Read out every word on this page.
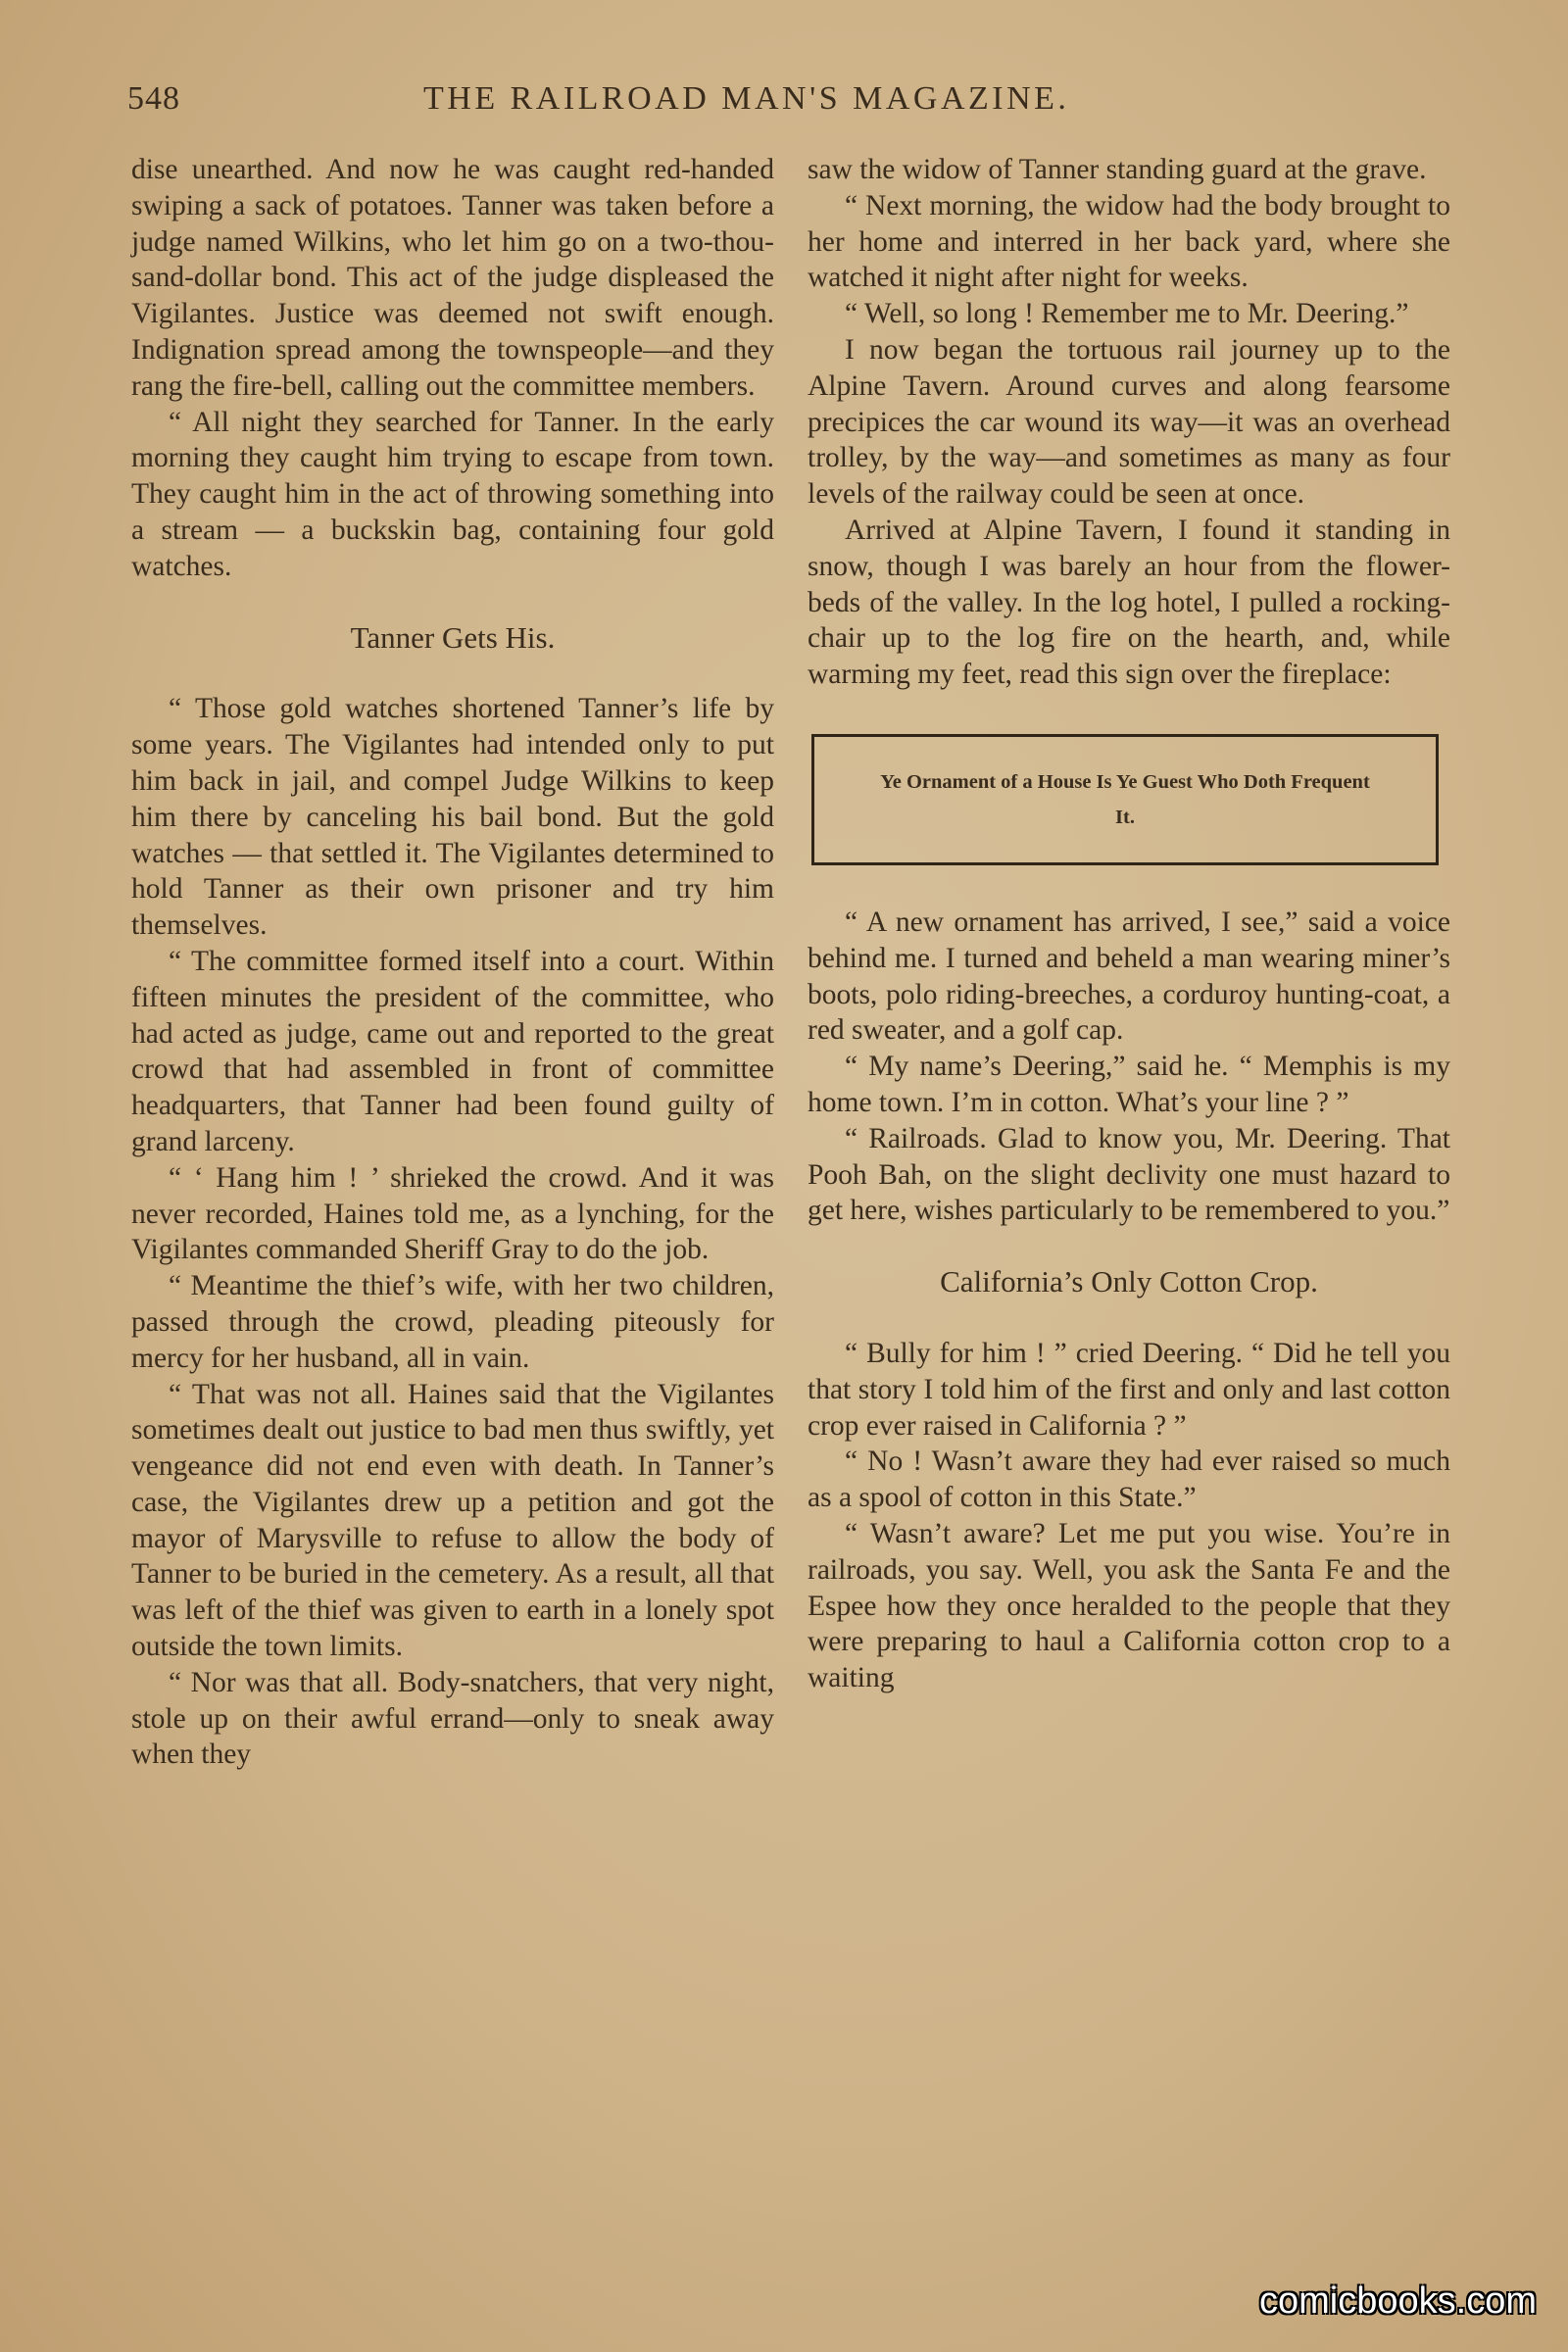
548	THE RAILROAD MAN'S MAGAZINE.

dise unearthed. And now he was caught red-handed swiping a sack of potatoes. Tanner was taken before a judge named Wilkins, who let him go on a two-thousand-dollar bond. This act of the judge displeased the Vigilantes. Justice was deemed not swift enough. Indignation spread among the townspeople—and they rang the fire-bell, calling out the committee members.

“ All night they searched for Tanner. In the early morning they caught him trying to escape from town. They caught him in the act of throwing something into a stream — a buckskin bag, containing four gold watches.

Tanner Gets His.

“ Those gold watches shortened Tanner’s life by some years. The Vigilantes had intended only to put him back in jail, and compel Judge Wilkins to keep him there by canceling his bail bond. But the gold watches — that settled it. The Vigilantes determined to hold Tanner as their own prisoner and try him themselves.

“ The committee formed itself into a court. Within fifteen minutes the president of the committee, who had acted as judge, came out and reported to the great crowd that had assembled in front of committee headquarters, that Tanner had been found guilty of grand larceny.

“ ‘ Hang him ! ’ shrieked the crowd. And it was never recorded, Haines told me, as a lynching, for the Vigilantes commanded Sheriff Gray to do the job.

“ Meantime the thief’s wife, with her two children, passed through the crowd, pleading piteously for mercy for her husband, all in vain.

“ That was not all. Haines said that the Vigilantes sometimes dealt out justice to bad men thus swiftly, yet vengeance did not end even with death. In Tanner’s case, the Vigilantes drew up a petition and got the mayor of Marysville to refuse to allow the body of Tanner to be buried in the cemetery. As a result, all that was left of the thief was given to earth in a lonely spot outside the town limits.

“ Nor was that all. Body-snatchers, that very night, stole up on their awful errand—only to sneak away when they

saw the widow of Tanner standing guard at the grave.

“ Next morning, the widow had the body brought to her home and interred in her back yard, where she watched it night after night for weeks.

“ Well, so long ! Remember me to Mr. Deering.”

I now began the tortuous rail journey up to the Alpine Tavern. Around curves and along fearsome precipices the car wound its way—it was an overhead trolley, by the way—and sometimes as many as four levels of the railway could be seen at once.

Arrived at Alpine Tavern, I found it standing in snow, though I was barely an hour from the flower-beds of the valley. In the log hotel, I pulled a rocking-chair up to the log fire on the hearth, and, while warming my feet, read this sign over the fireplace:

Ye Ornament of a House Is Ye Guest Who Doth Frequent It.

“ A new ornament has arrived, I see,” said a voice behind me. I turned and beheld a man wearing miner’s boots, polo riding-breeches, a corduroy hunting-coat, a red sweater, and a golf cap.

“ My name’s Deering,” said he. “ Memphis is my home town. I’m in cotton. What’s your line ? ”

“ Railroads. Glad to know you, Mr. Deering. That Pooh Bah, on the slight declivity one must hazard to get here, wishes particularly to be remembered to you.”

California’s Only Cotton Crop.

“ Bully for him ! ” cried Deering. “ Did he tell you that story I told him of the first and only and last cotton crop ever raised in California ? ”

“ No ! Wasn’t aware they had ever raised so much as a spool of cotton in this State.”

“ Wasn’t aware? Let me put you wise. You’re in railroads, you say. Well, you ask the Santa Fe and the Espee how they once heralded to the people that they were preparing to haul a California cotton crop to a waiting

comicbooks.com
